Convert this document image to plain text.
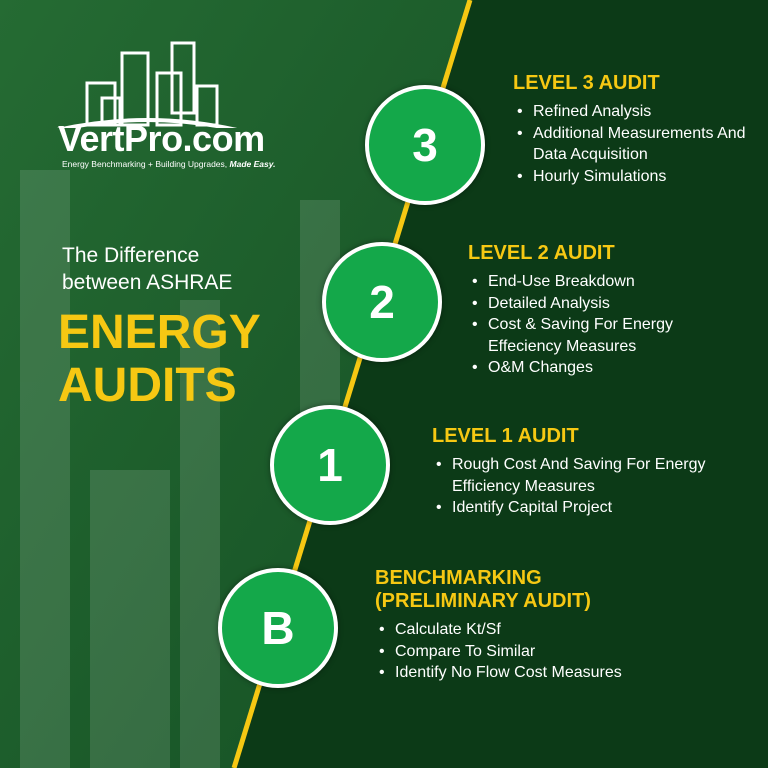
VertPro.com
Energy Benchmarking + Building Upgrades, Made Easy.
The Difference
between ASHRAE
ENERGY
AUDITS
3
2
1
B
LEVEL 3 AUDIT
• Refined Analysis
• Additional Measurements And Data Acquisition
• Hourly Simulations
LEVEL 2 AUDIT
• End-Use Breakdown
• Detailed Analysis
• Cost & Saving For Energy Effeciency Measures
• O&M Changes
LEVEL 1 AUDIT
• Rough Cost And Saving For Energy Efficiency Measures
• Identify Capital Project
BENCHMARKING (PRELIMINARY AUDIT)
• Calculate Kt/Sf
• Compare To Similar
• Identify No Flow Cost Measures
